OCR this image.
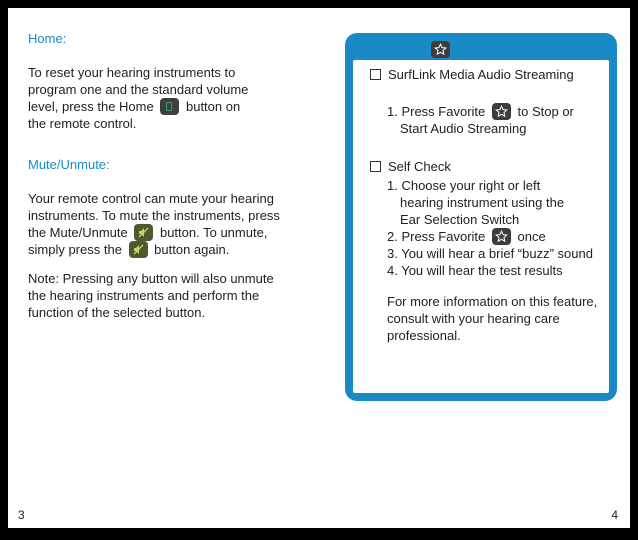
Home:

To reset your hearing instruments to program one and the standard volume level, press the Home button on the remote control.

Mute/Unmute:

Your remote control can mute your hearing instruments. To mute the instruments, press the Mute/Unmute button. To unmute, simply press the button again.

Note: Pressing any button will also unmute the hearing instruments and perform the function of the selected button.

My favorite button is:

SurfLink Media Audio Streaming
1. Press Favorite to Stop or Start Audio Streaming
Self Check
1. Choose your right or left hearing instrument using the Ear Selection Switch
2. Press Favorite once
3. You will hear a brief “buzz” sound
4. You will hear the test results

For more information on this feature, consult with your hearing care professional.

3	4
